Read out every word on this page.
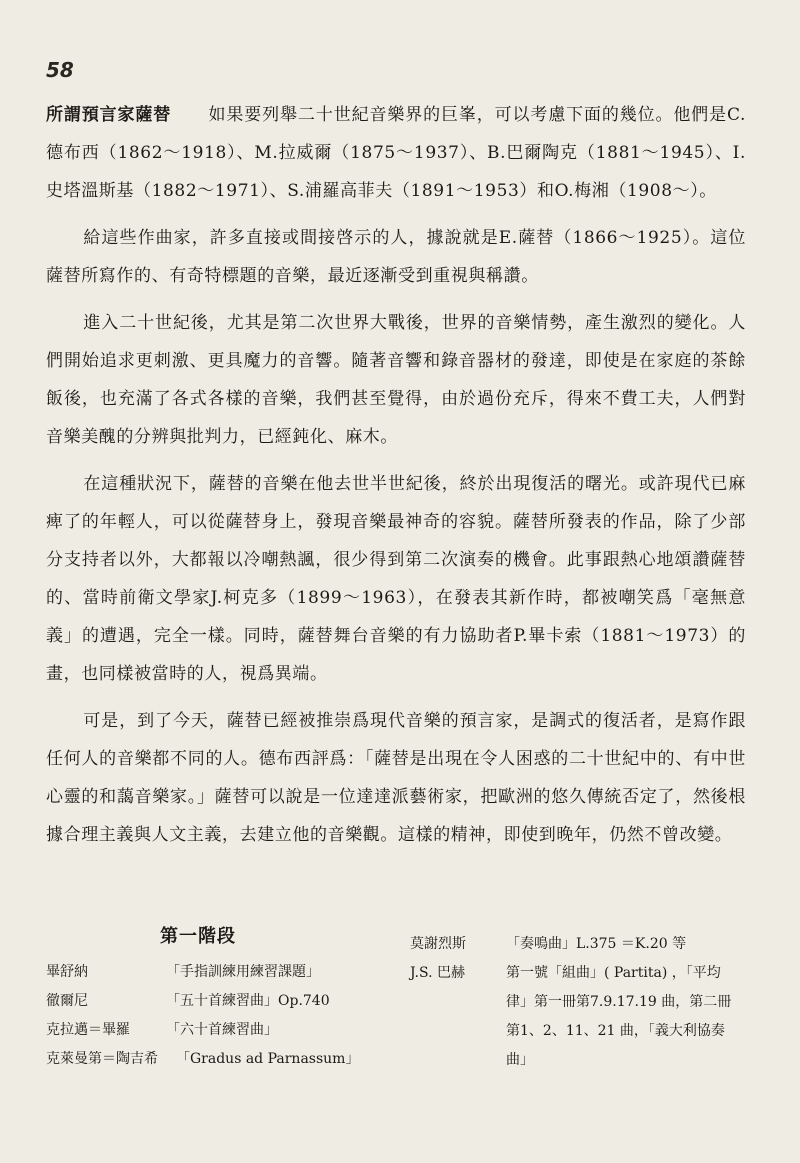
58

所謂預言家薩替 如果要列舉二十世紀音樂界的巨峯，可以考慮下面的幾位。他們是C.德布西（1862～1918）、M.拉威爾（1875～1937）、B.巴爾陶克（1881～1945）、I.史塔溫斯基（1882～1971）、S.浦羅高菲夫（1891～1953）和O.梅湘（1908～）。

給這些作曲家，許多直接或間接啓示的人，據說就是E.薩替（1866～1925）。這位薩替所寫作的、有奇特標題的音樂，最近逐漸受到重視與稱讚。

進入二十世紀後，尤其是第二次世界大戰後，世界的音樂情勢，產生激烈的變化。人們開始追求更刺激、更具魔力的音響。隨著音響和錄音器材的發達，即使是在家庭的茶餘飯後，也充滿了各式各樣的音樂，我們甚至覺得，由於過份充斥，得來不費工夫，人們對音樂美醜的分辨與批判力，已經鈍化、麻木。

在這種狀況下，薩替的音樂在他去世半世紀後，終於出現復活的曙光。或許現代已麻痺了的年輕人，可以從薩替身上，發現音樂最神奇的容貌。薩替所發表的作品，除了少部分支持者以外，大都報以冷嘲熱諷，很少得到第二次演奏的機會。此事跟熱心地頌讚薩替的、當時前衛文學家J.柯克多（1899～1963），在發表其新作時，都被嘲笑爲「毫無意義」的遭遇，完全一樣。同時，薩替舞台音樂的有力協助者P.畢卡索（1881～1973）的畫，也同樣被當時的人，視爲異端。

可是，到了今天，薩替已經被推崇爲現代音樂的預言家，是調式的復活者，是寫作跟任何人的音樂都不同的人。德布西評爲：「薩替是出現在令人困惑的二十世紀中的、有中世心靈的和藹音樂家。」薩替可以說是一位達達派藝術家，把歐洲的悠久傳統否定了，然後根據合理主義與人文主義，去建立他的音樂觀。這樣的精神，即使到晚年，仍然不曾改變。

第一階段
畢舒納	「手指訓練用練習課題」
徹爾尼	「五十首練習曲」Op.740
克拉邁＝畢羅	「六十首練習曲」
克萊曼第＝陶吉希	「Gradus ad Parnassum」
莫謝烈斯	「奏鳴曲」L.375 ＝K.20 等
J.S. 巴赫	第一號「組曲」( Partita) ，「平均律」第一冊第7.9.17.19 曲，第二冊第1、2、11、21 曲，「義大利協奏曲」
